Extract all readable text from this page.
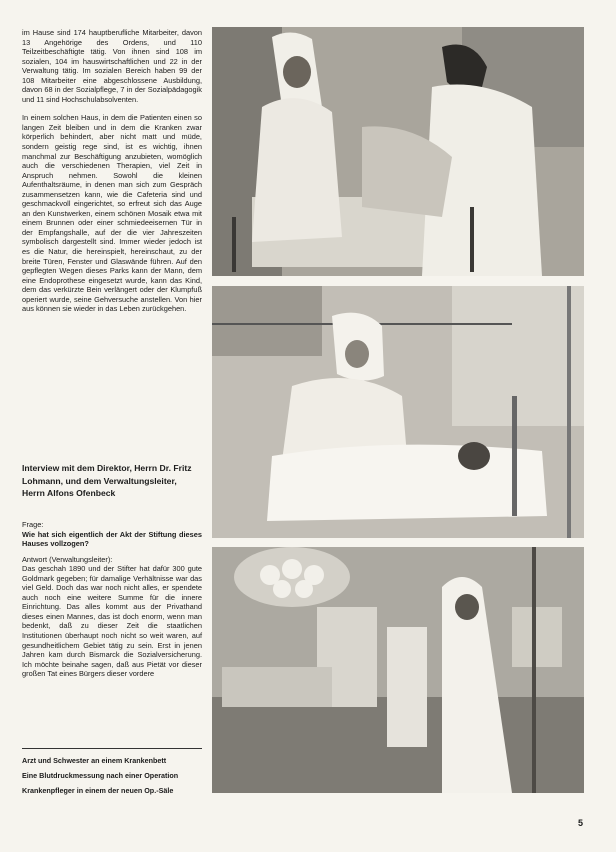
im Hause sind 174 hauptberufliche Mitarbeiter, davon 13 Angehörige des Ordens, und 110 Teilzeitbeschäftigte tätig. Von ihnen sind 108 im sozialen, 104 im hauswirtschaftlichen und 22 in der Verwaltung tätig. Im sozialen Bereich haben 99 der 108 Mitarbeiter eine abgeschlossene Ausbildung, davon 68 in der Sozialpflege, 7 in der Sozialpädagogik und 11 sind Hochschulabsolventen.

In einem solchen Haus, in dem die Patienten einen so langen Zeit bleiben und in dem die Kranken zwar körperlich behindert, aber nicht matt und müde, sondern geistig rege sind, ist es wichtig, ihnen manchmal zur Beschäftigung anzubieten, womöglich auch die verschiedenen Therapien, viel Zeit in Anspruch nehmen. Sowohl die kleinen Aufenthaltsräume, in denen man sich zum Gespräch zusammensetzen kann, wie die Cafeteria sind und geschmackvoll eingerichtet, so erfreut sich das Auge an den Kunstwerken, einem schönen Mosaik etwa mit einem Brunnen oder einer schmiedeeisernen Tür in der Empfangshalle, auf der die vier Jahreszeiten symbolisch dargestellt sind. Immer wieder jedoch ist es die Natur, die hereinspielt, hereinschaut, zu der breite Türen, Fenster und Glaswände führen. Auf den gepflegten Wegen dieses Parks kann der Mann, dem eine Endoprothese eingesetzt wurde, kann das Kind, dem das verkürzte Bein verlängert oder der Klumpfuß operiert wurde, seine Gehversuche anstellen. Von hier aus können sie wieder in das Leben zurückgehen.

Interview mit dem Direktor, Herrn Dr. Fritz Lohmann, und dem Verwaltungsleiter, Herrn Alfons Ofenbeck
Frage:
Wie hat sich eigentlich der Akt der Stiftung dieses Hauses vollzogen?
Antwort (Verwaltungsleiter):
Das geschah 1890 und der Stifter hat dafür 300 gute Goldmark gegeben; für damalige Verhältnisse war das viel Geld. Doch das war noch nicht alles, er spendete auch noch eine weitere Summe für die innere Einrichtung. Das alles kommt aus der Privathand dieses einen Mannes, das ist doch enorm, wenn man bedenkt, daß zu dieser Zeit die staatlichen Institutionen überhaupt noch nicht so weit waren, auf gesundheitlichem Gebiet tätig zu sein. Erst in jenen Jahren kam durch Bismarck die Sozialversicherung. Ich möchte beinahe sagen, daß aus Pietät vor dieser großen Tat eines Bürgers dieser vordere
Arzt und Schwester an einem Krankenbett
Eine Blutdruckmessung nach einer Operation
Krankenpfleger in einem der neuen Op.-Säle
5
